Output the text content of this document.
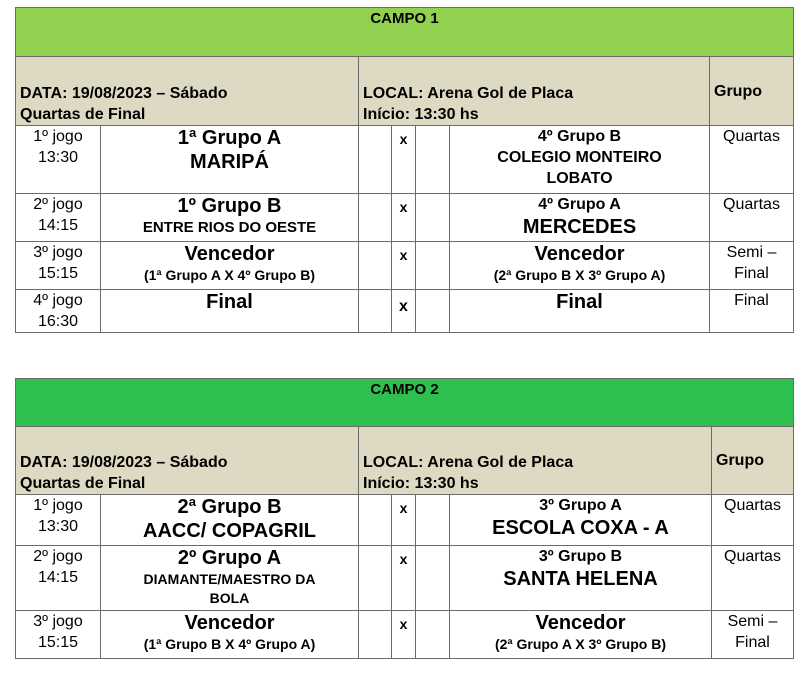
CAMPO 1						

DATA: 19/08/2023 – Sábado
Quartas de Final		LOCAL: Arena Gol de Placa
Início: 13:30 hs				Grupo

1º jogo
13:30	1ª Grupo A
MARIPÁ		x		4º Grupo B
COLEGIO MONTEIRO
LOBATO	Quartas

2º jogo
14:15	1º Grupo B
ENTRE RIOS DO OESTE		x		4º Grupo A
MERCEDES	Quartas

3º jogo
15:15	Vencedor
(1ª Grupo A X 4º Grupo B)		x		Vencedor
(2ª Grupo B X 3º Grupo A)	Semi –
Final

4º jogo
16:30	Final		x		Final	Final
CAMPO 2						

DATA: 19/08/2023 – Sábado
Quartas de Final		LOCAL: Arena Gol de Placa
Início: 13:30 hs				Grupo

1º jogo
13:30	2ª Grupo B
AACC/ COPAGRIL		x		3º Grupo A
ESCOLA COXA - A	Quartas

2º jogo
14:15	2º Grupo A
DIAMANTE/MAESTRO DA
BOLA		x		3º Grupo B
SANTA HELENA	Quartas

3º jogo
15:15	Vencedor
(1ª Grupo B X 4º Grupo A)		x		Vencedor
(2ª Grupo A X 3º Grupo B)	Semi –
Final
